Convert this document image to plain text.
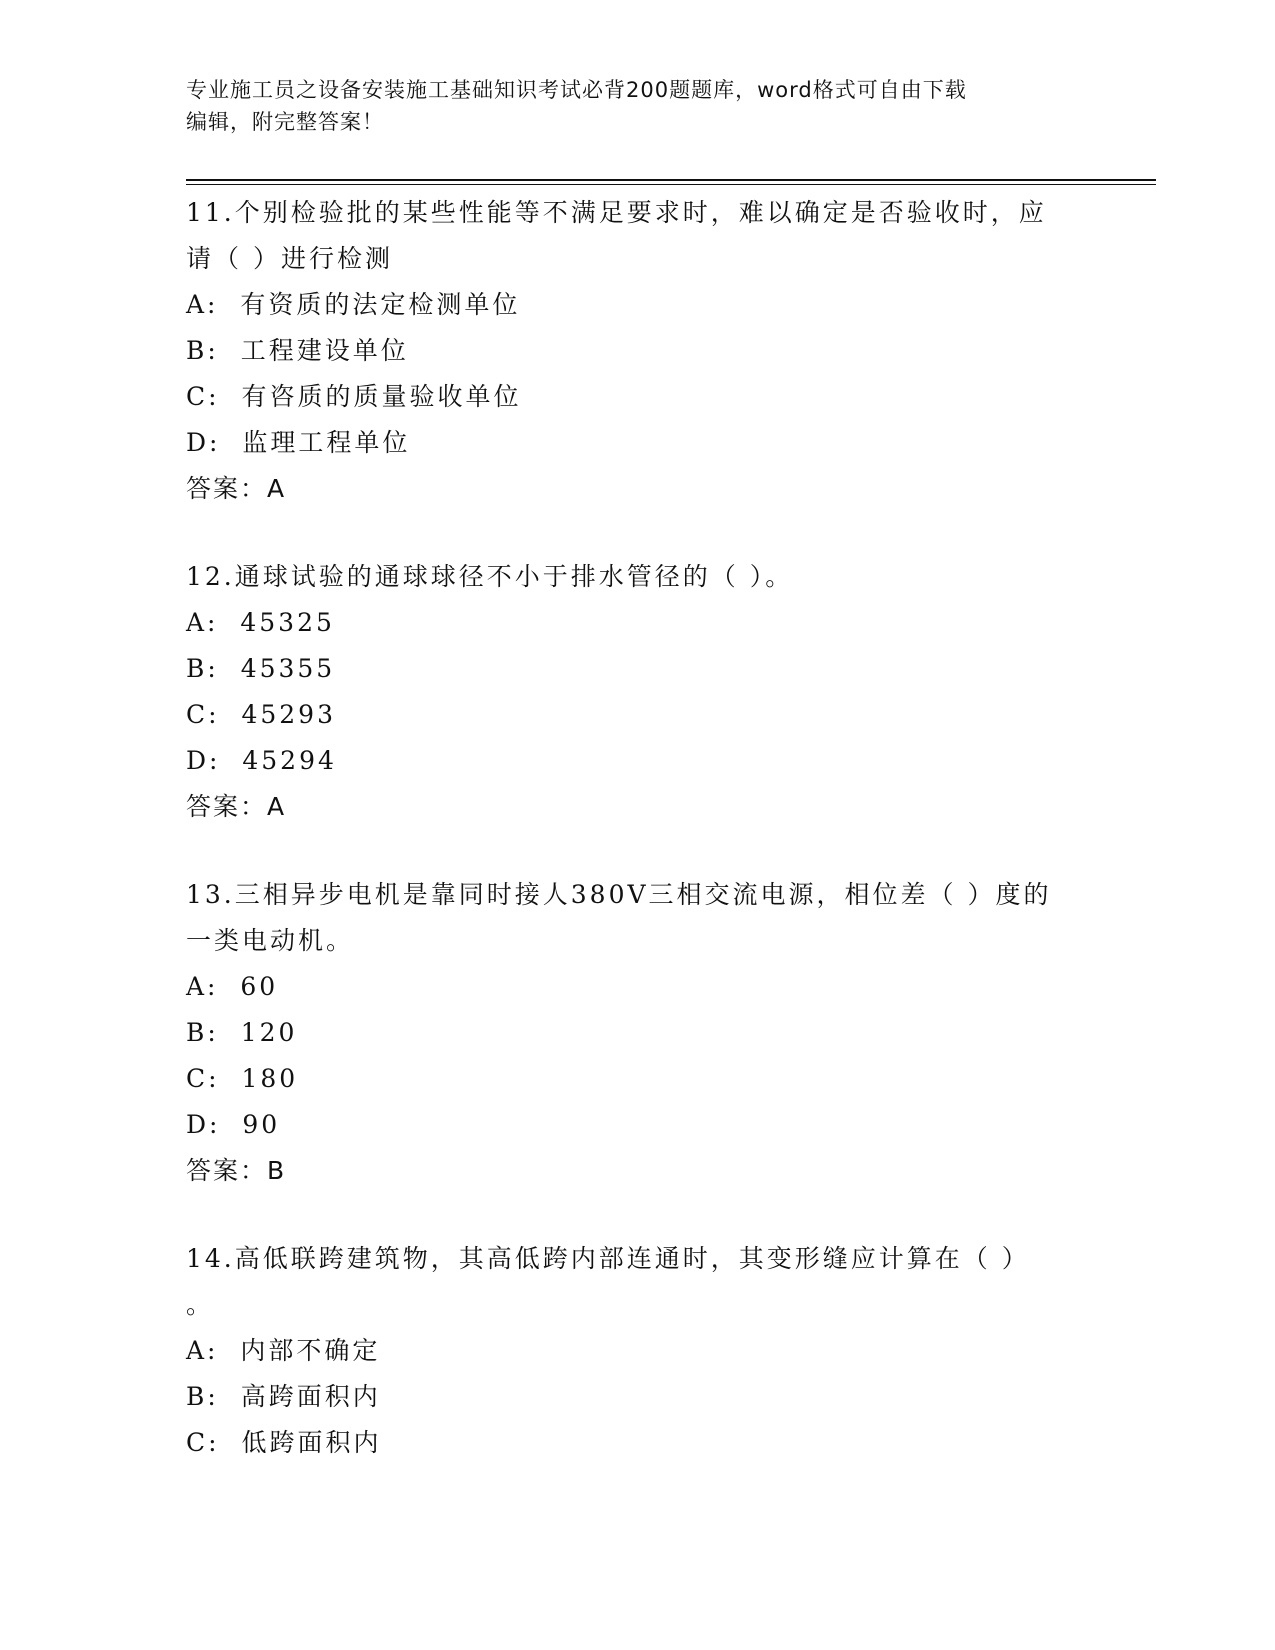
专业施工员之设备安装施工基础知识考试必背200题题库，word格式可自由下载
编辑，附完整答案！
11.个别检验批的某些性能等不满足要求时，难以确定是否验收时，应
请（ ）进行检测
A:  有资质的法定检测单位
B:  工程建设单位
C:  有咨质的质量验收单位
D:  监理工程单位
答案：A
12.通球试验的通球球径不小于排水管径的（ ）。
A:  45325
B:  45355
C:  45293
D:  45294
答案：A
13.三相异步电机是靠同时接人380V三相交流电源，相位差（ ）度的
一类电动机。
A:  60
B:  120
C:  180
D:  90
答案：B
14.高低联跨建筑物，其高低跨内部连通时，其变形缝应计算在（ ）
。
A:  内部不确定
B:  高跨面积内
C:  低跨面积内
